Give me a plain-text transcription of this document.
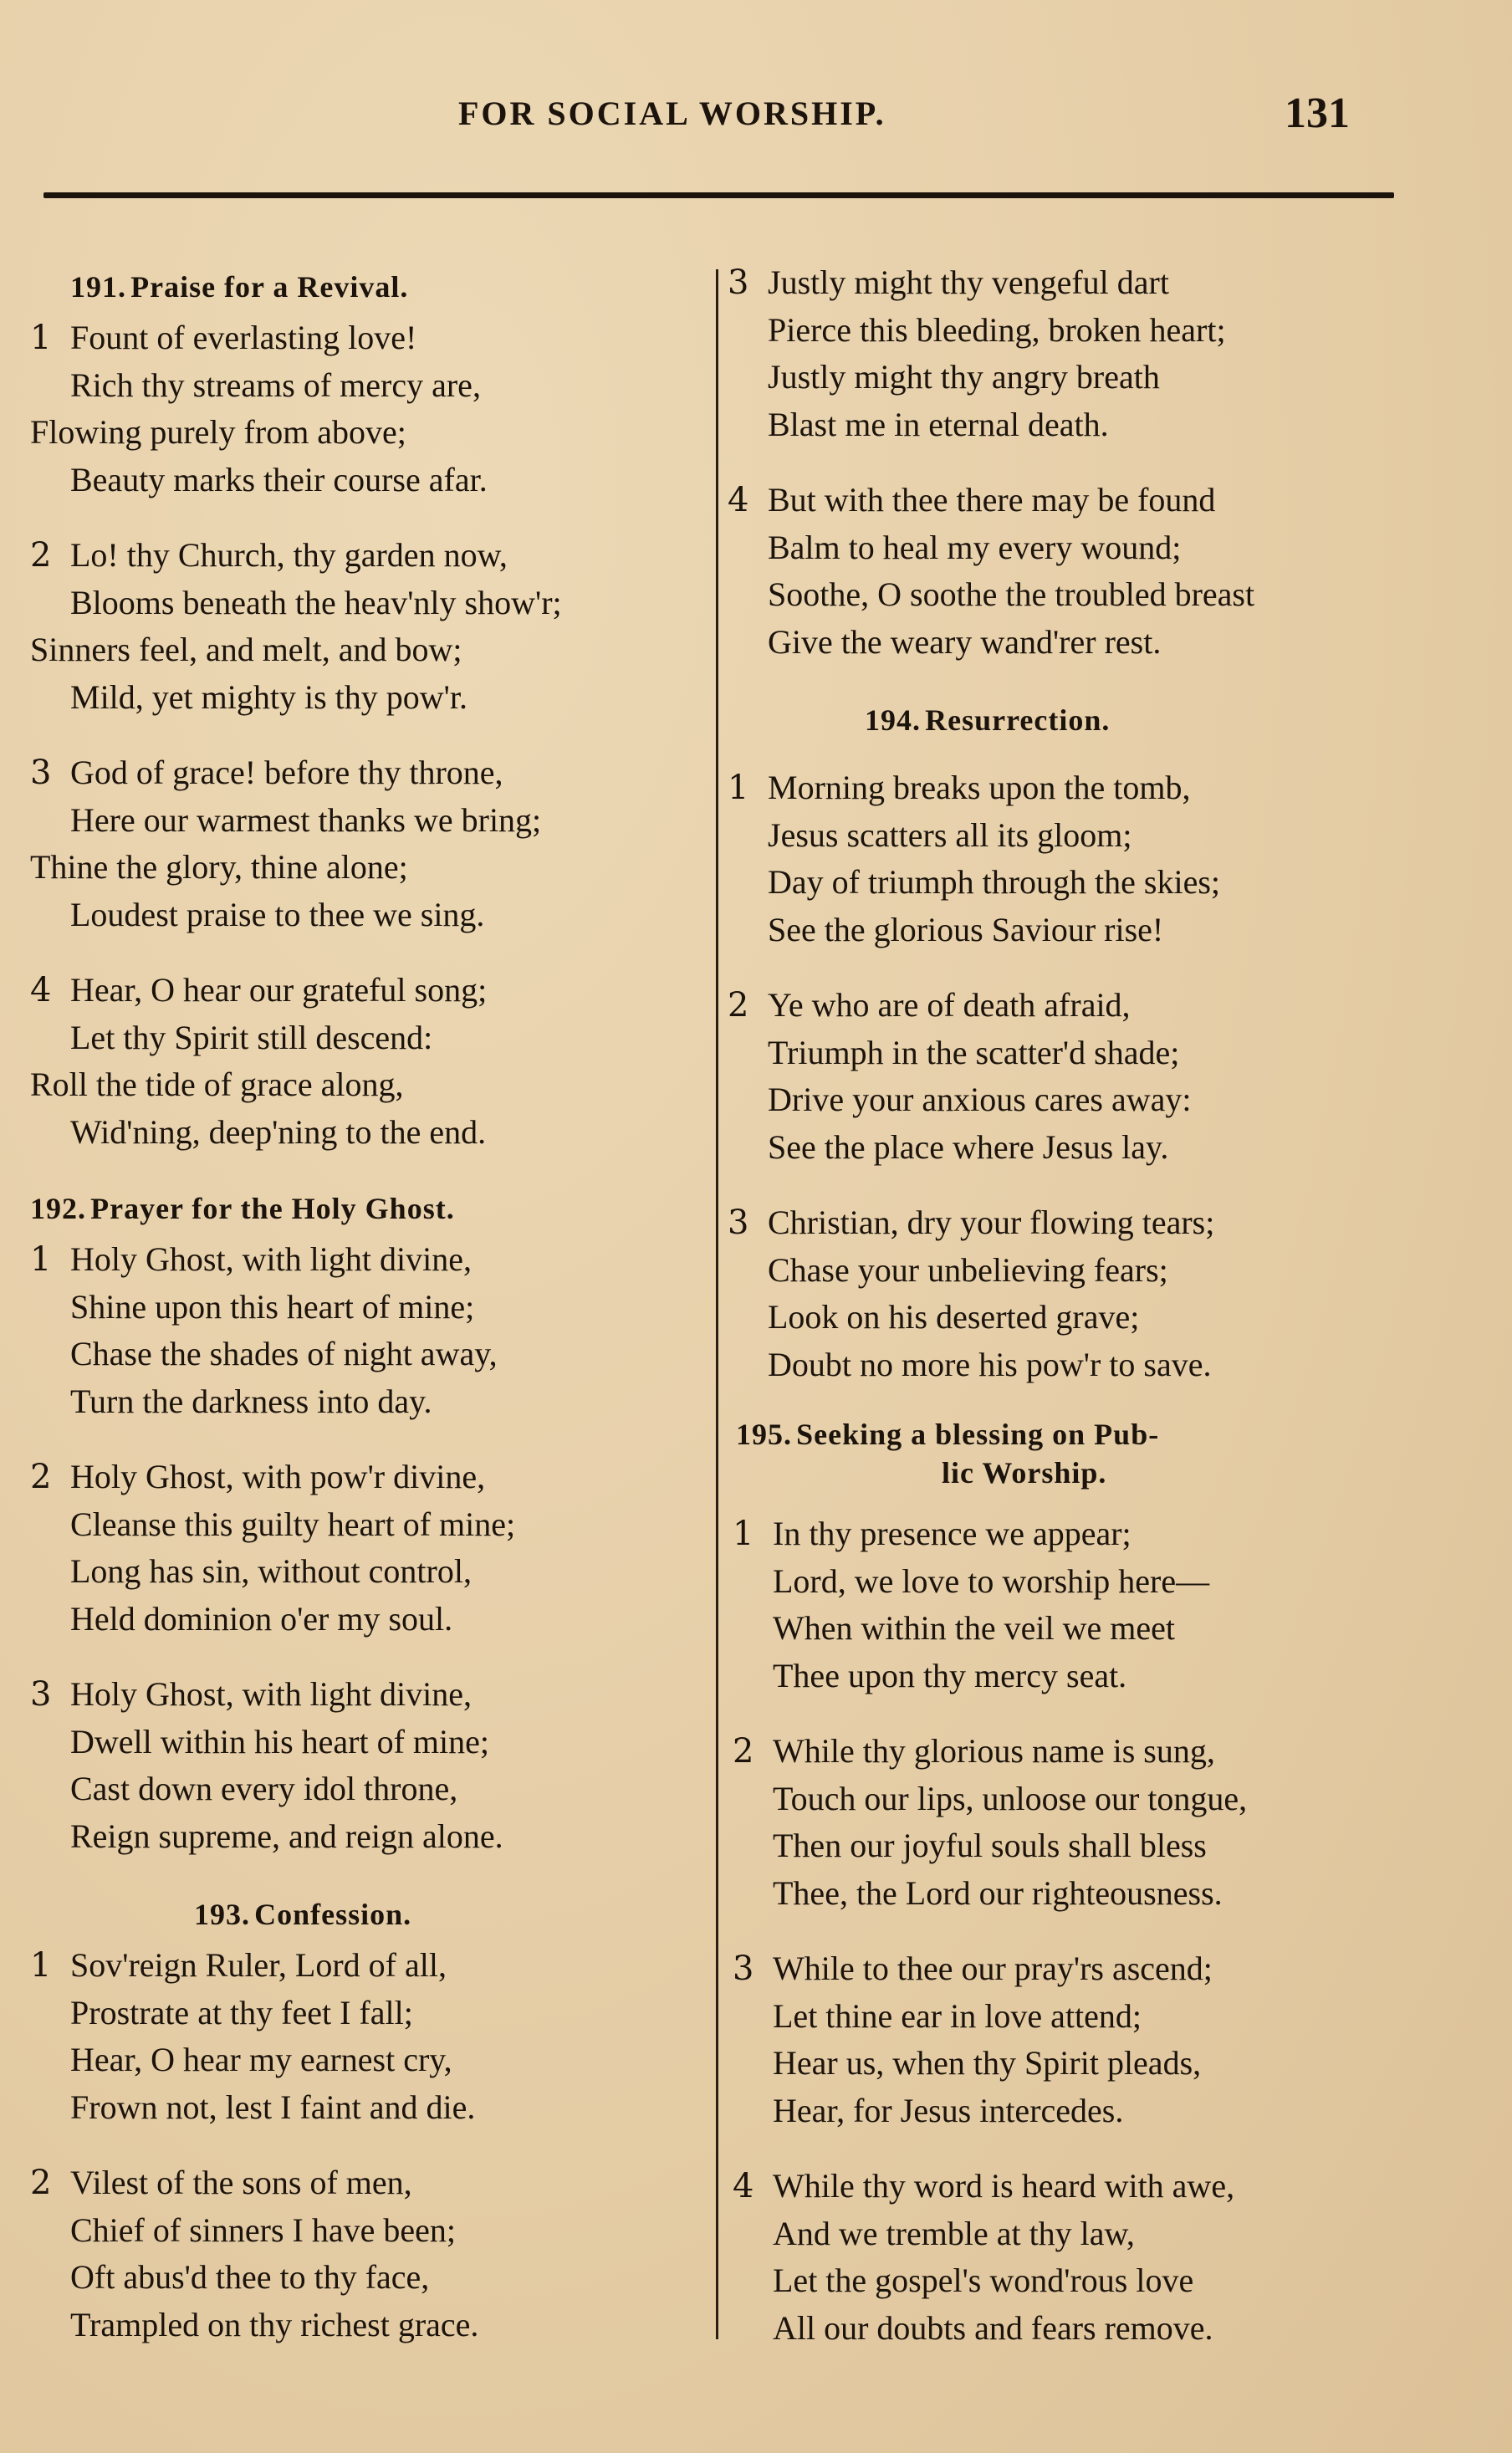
FOR SOCIAL WORSHIP.	131
191. Praise for a Revival.
1 Fount of everlasting love!
Rich thy streams of mercy are,
Flowing purely from above;
Beauty marks their course afar.
2 Lo! thy Church, thy garden now,
Blooms beneath the heav'nly show'r;
Sinners feel, and melt, and bow;
Mild, yet mighty is thy pow'r.
3 God of grace! before thy throne,
Here our warmest thanks we bring;
Thine the glory, thine alone;
Loudest praise to thee we sing.
4 Hear, O hear our grateful song;
Let thy Spirit still descend:
Roll the tide of grace along,
Wid'ning, deep'ning to the end.
192. Prayer for the Holy Ghost.
1 Holy Ghost, with light divine,
Shine upon this heart of mine;
Chase the shades of night away,
Turn the darkness into day.
2 Holy Ghost, with pow'r divine,
Cleanse this guilty heart of mine;
Long has sin, without control,
Held dominion o'er my soul.
3 Holy Ghost, with light divine,
Dwell within his heart of mine;
Cast down every idol throne,
Reign supreme, and reign alone.
193. Confession.
1 Sov'reign Ruler, Lord of all,
Prostrate at thy feet I fall;
Hear, O hear my earnest cry,
Frown not, lest I faint and die.
2 Vilest of the sons of men,
Chief of sinners I have been;
Oft abus'd thee to thy face,
Trampled on thy richest grace.
3 Justly might thy vengeful dart
Pierce this bleeding, broken heart;
Justly might thy angry breath
Blast me in eternal death.
4 But with thee there may be found
Balm to heal my every wound;
Soothe, O soothe the troubled breast
Give the weary wand'rer rest.
194. Resurrection.
1 Morning breaks upon the tomb,
Jesus scatters all its gloom;
Day of triumph through the skies;
See the glorious Saviour rise!
2 Ye who are of death afraid,
Triumph in the scatter'd shade;
Drive your anxious cares away:
See the place where Jesus lay.
3 Christian, dry your flowing tears;
Chase your unbelieving fears;
Look on his deserted grave;
Doubt no more his pow'r to save.
195. Seeking a blessing on Pub-
lic Worship.
1 In thy presence we appear;
Lord, we love to worship here—
When within the veil we meet
Thee upon thy mercy seat.
2 While thy glorious name is sung,
Touch our lips, unloose our tongue,
Then our joyful souls shall bless
Thee, the Lord our righteousness.
3 While to thee our pray'rs ascend;
Let thine ear in love attend;
Hear us, when thy Spirit pleads,
Hear, for Jesus intercedes.
4 While thy word is heard with awe,
And we tremble at thy law,
Let the gospel's wond'rous love
All our doubts and fears remove.
